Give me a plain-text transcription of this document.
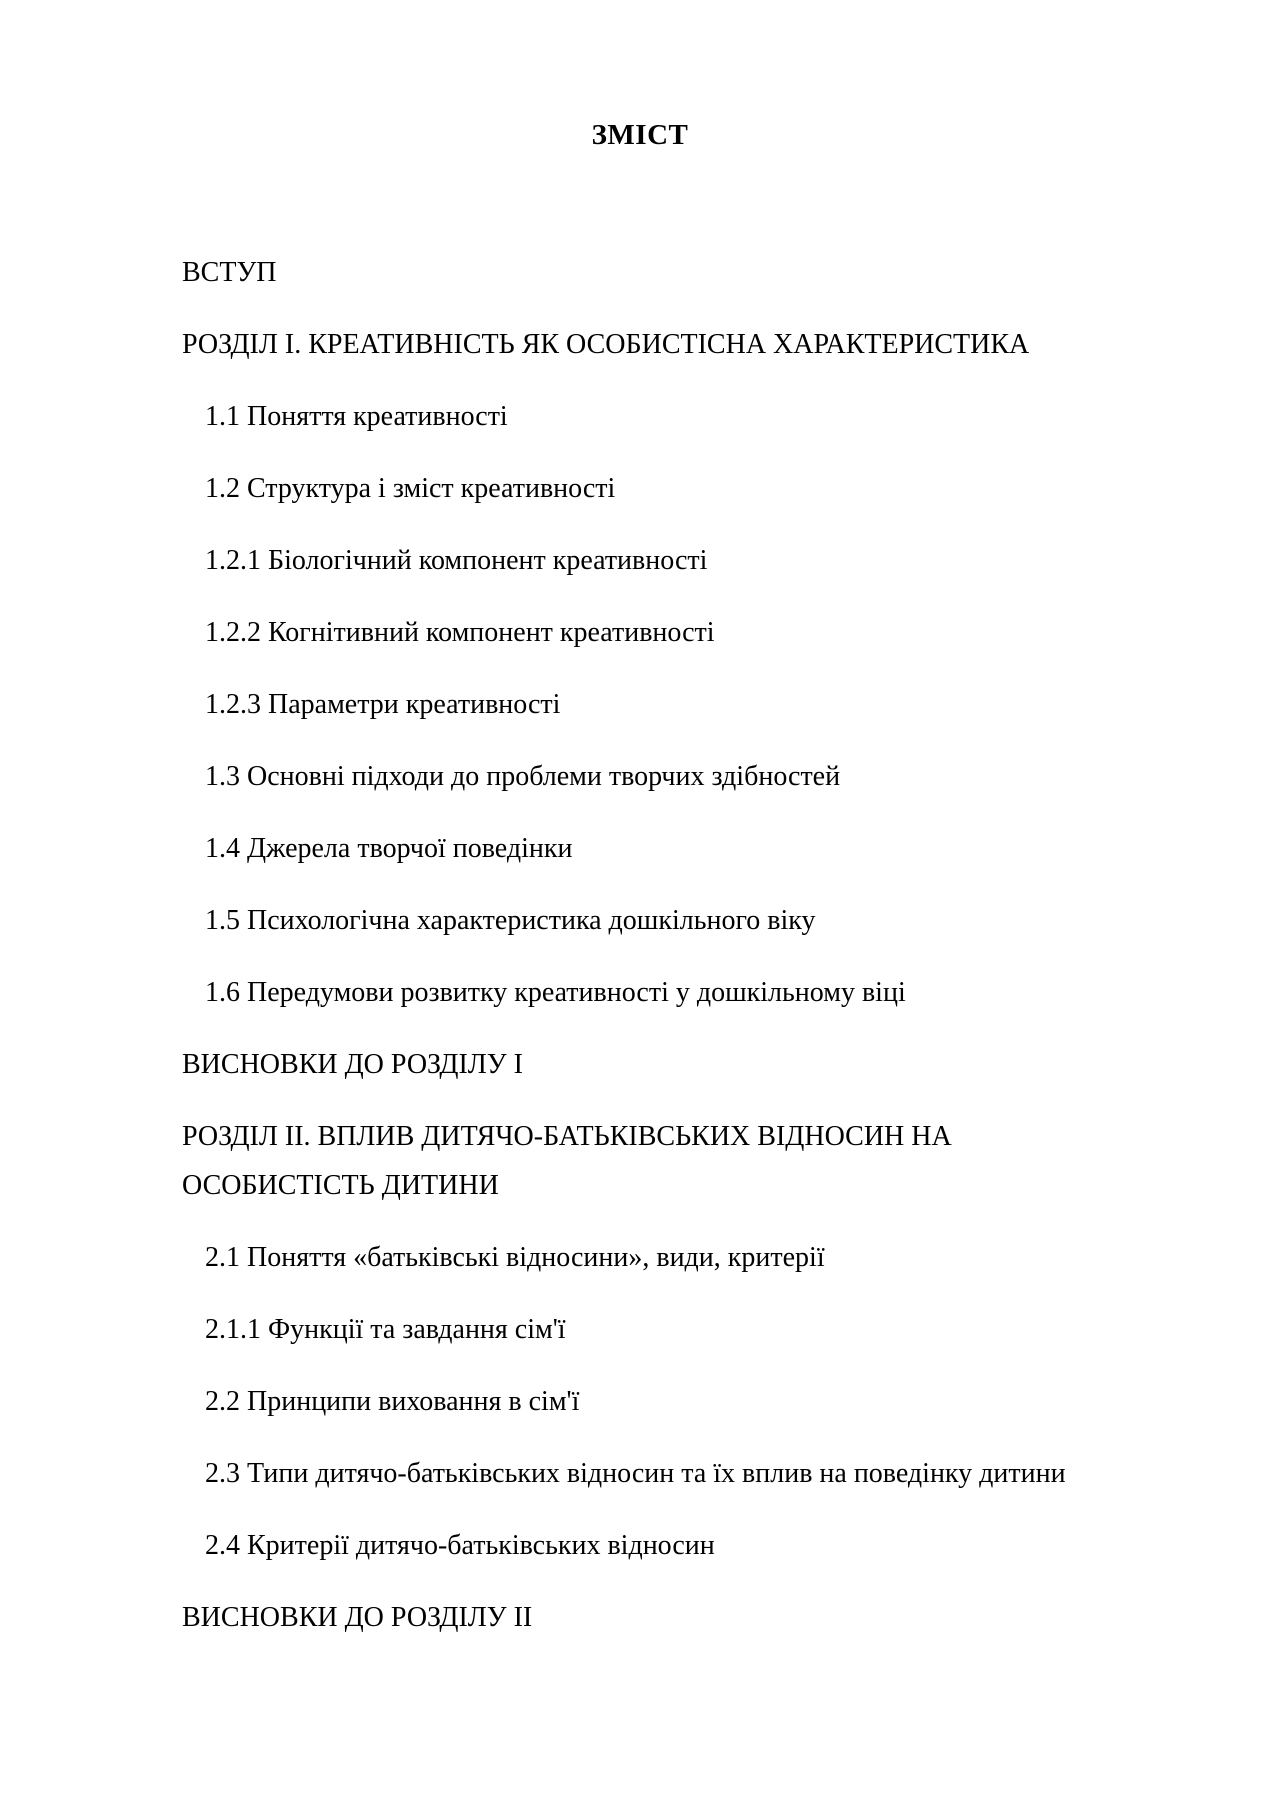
ЗМІСТ
ВСТУП
РОЗДІЛ I. КРЕАТИВНІСТЬ ЯК ОСОБИСТІСНА ХАРАКТЕРИСТИКА
1.1 Поняття креативності
1.2 Структура і зміст креативності
1.2.1 Біологічний компонент креативності
1.2.2 Когнітивний компонент креативності
1.2.3 Параметри креативності
1.3 Основні підходи до проблеми творчих здібностей
1.4 Джерела творчої поведінки
1.5 Психологічна характеристика дошкільного віку
1.6 Передумови розвитку креативності у дошкільному віці
ВИСНОВКИ ДО РОЗДІЛУ I
РОЗДІЛ II. ВПЛИВ ДИТЯЧО-БАТЬКІВСЬКИХ ВІДНОСИН НА
ОСОБИСТІСТЬ ДИТИНИ
2.1 Поняття «батьківські відносини», види, критерії
2.1.1 Функції та завдання сім'ї
2.2 Принципи виховання в сім'ї
2.3 Типи дитячо-батьківських відносин та їх вплив на поведінку дитини
2.4 Критерії дитячо-батьківських відносин
ВИСНОВКИ ДО РОЗДІЛУ II
